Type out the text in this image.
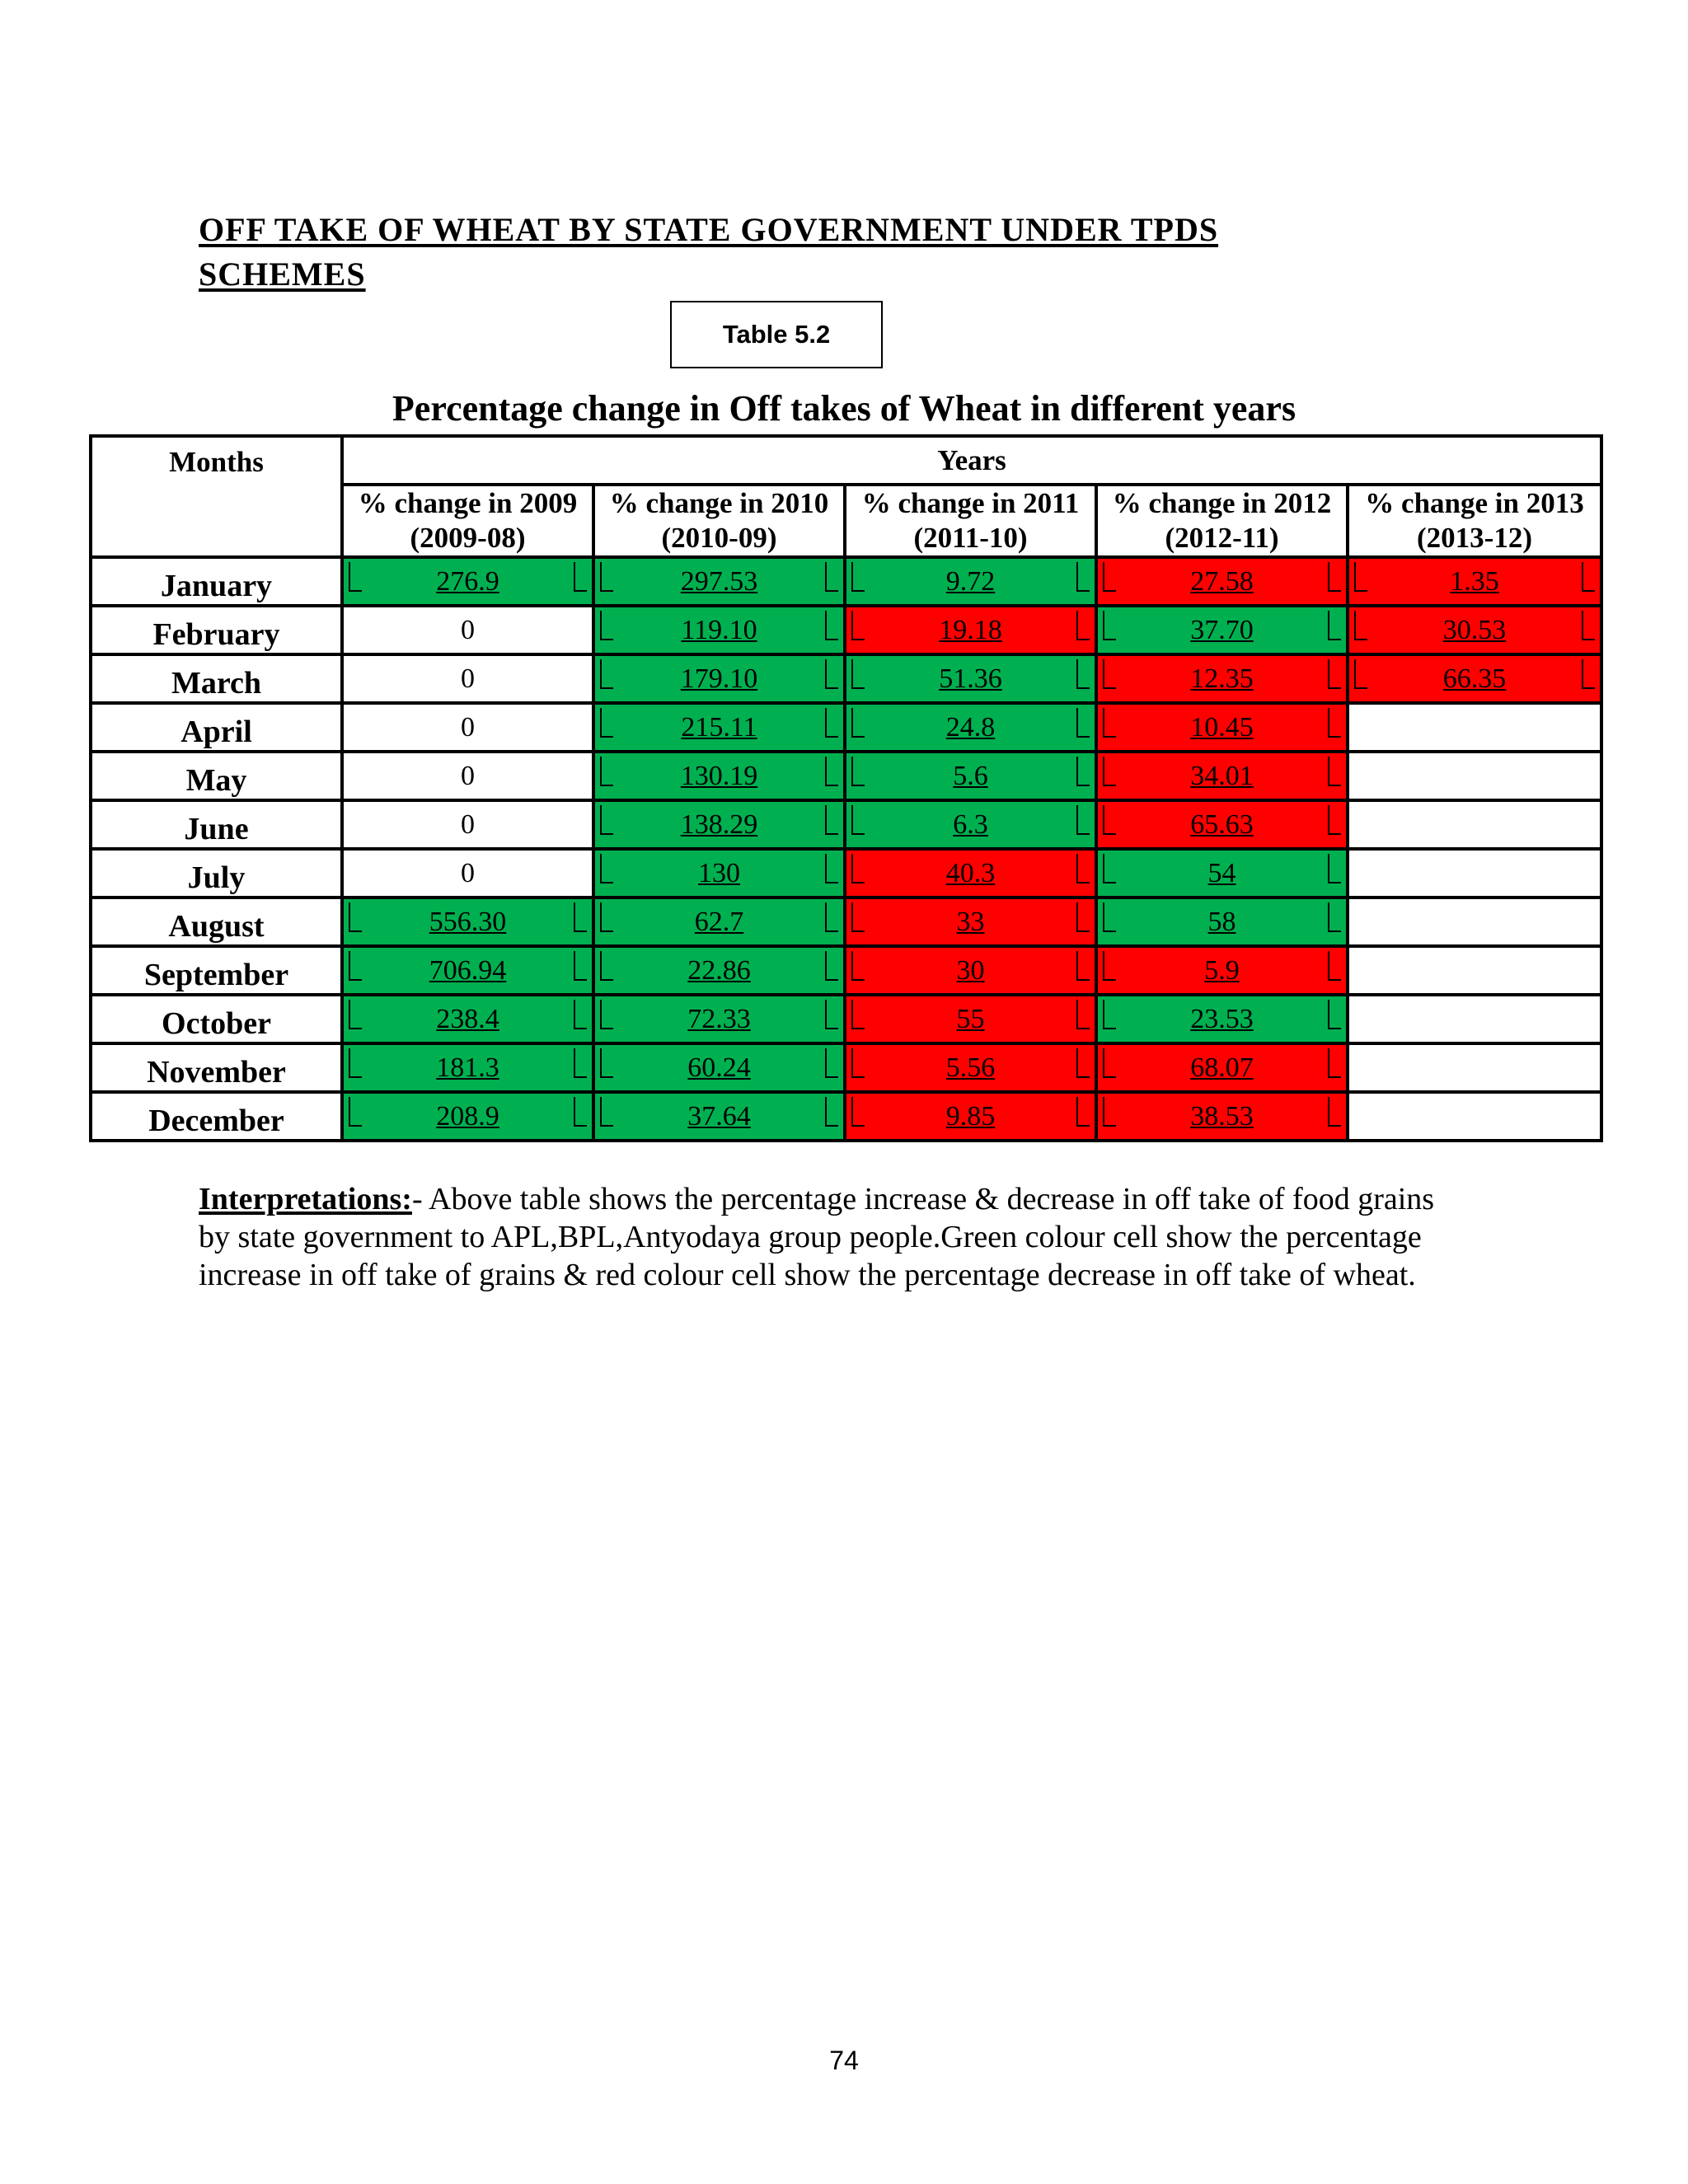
OFF TAKE OF WHEAT BY STATE GOVERNMENT UNDER TPDS SCHEMES
Table 5.2
Percentage change in Off takes of Wheat in different years
Months	Years				
	% change in 2009 (2009-08)	% change in 2010 (2010-09)	% change in 2011 (2011-10)	% change in 2012 (2012-11)	% change in 2013 (2013-12)
January	276.9	297.53	9.72	27.58	1.35
February	0	119.10	19.18	37.70	30.53
March	0	179.10	51.36	12.35	66.35
April	0	215.11	24.8	10.45	
May	0	130.19	5.6	34.01	
June	0	138.29	6.3	65.63	
July	0	130	40.3	54	
August	556.30	62.7	33	58	
September	706.94	22.86	30	5.9	
October	238.4	72.33	55	23.53	
November	181.3	60.24	5.56	68.07	
December	208.9	37.64	9.85	38.53	
Interpretations:- Above table shows the percentage increase & decrease in off take of food grains by state government to APL,BPL,Antyodaya group people.Green colour cell show the percentage increase in off take of grains & red colour cell show the percentage decrease in off take of wheat.
74
